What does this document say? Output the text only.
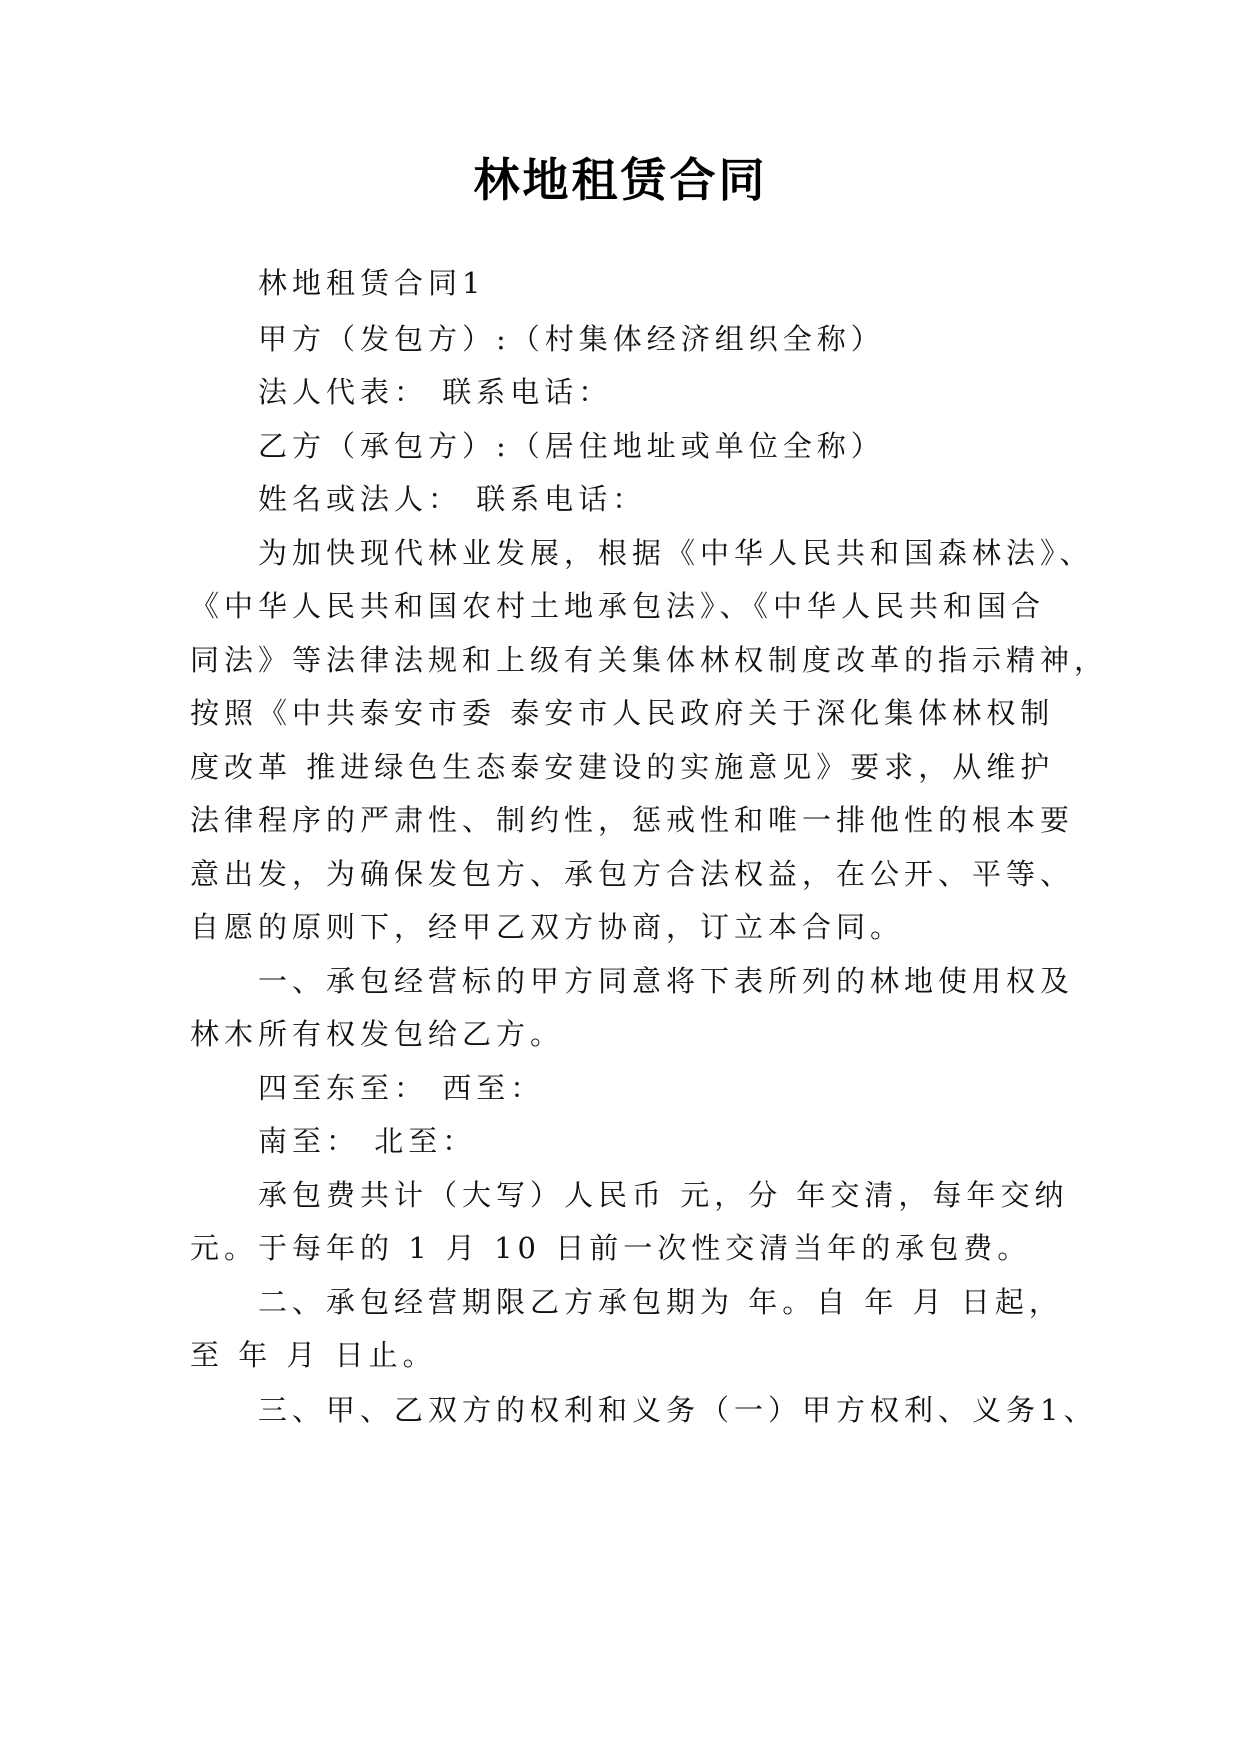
林地租赁合同

林地租赁合同1

甲方（发包方）:（村集体经济组织全称）

法人代表： 联系电话：

乙方（承包方）:（居住地址或单位全称）

姓名或法人： 联系电话：

为加快现代林业发展，根据《中华人民共和国森林法》、

《中华人民共和国农村土地承包法》、《中华人民共和国合

同法》等法律法规和上级有关集体林权制度改革的指示精神，

按照《中共泰安市委 泰安市人民政府关于深化集体林权制

度改革 推进绿色生态泰安建设的实施意见》要求，从维护

法律程序的严肃性、制约性，惩戒性和唯一排他性的根本要

意出发，为确保发包方、承包方合法权益，在公开、平等、

自愿的原则下，经甲乙双方协商，订立本合同。

一、承包经营标的甲方同意将下表所列的林地使用权及

林木所有权发包给乙方。

四至东至： 西至：

南至： 北至：

承包费共计（大写）人民币 元，分 年交清，每年交纳

元。于每年的 1 月 10 日前一次性交清当年的承包费。

二、承包经营期限乙方承包期为 年。自 年 月 日起，

至 年 月 日止。

三、甲、乙双方的权利和义务（一）甲方权利、义务1、
